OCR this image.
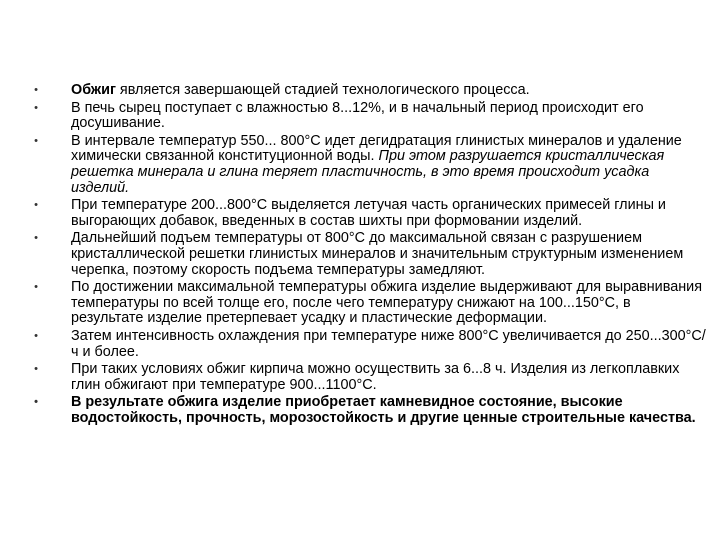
• Обжиг является завершающей стадией технологического процесса.
• В печь сырец поступает с влажностью 8...12%, и в начальный период происходит его досушивание.
• В интервале температур 550... 800°С идет дегидратация глинистых минералов и удаление химически связанной конституционной воды. При этом разрушается кристаллическая решетка минерала и глина теряет пластичность, в это время происходит усадка изделий.
• При температуре 200...800°С выделяется летучая часть органических примесей глины и выгорающих добавок, введенных в состав шихты при формовании изделий.
• Дальнейший подъем температуры от 800°С до максимальной связан с разрушением кристаллической решетки глинистых минералов и значительным структурным изменением черепка, поэтому скорость подъема температуры замедляют.
• По достижении максимальной температуры обжига изделие выдерживают для выравнивания температуры по всей толще его, после чего температуру снижают на 100...150°С, в результате изделие претерпевает усадку и пластические деформации.
• Затем интенсивность охлаждения при температуре ниже 800°С увеличивается до 250...300°С/ч и более.
• При таких условиях обжиг кирпича можно осуществить за 6...8 ч. Изделия из легкоплавких глин обжигают при температуре 900...1100°С.
• В результате обжига изделие приобретает камневидное состояние, высокие водостойкость, прочность, морозостойкость и другие ценные строительные качества.
